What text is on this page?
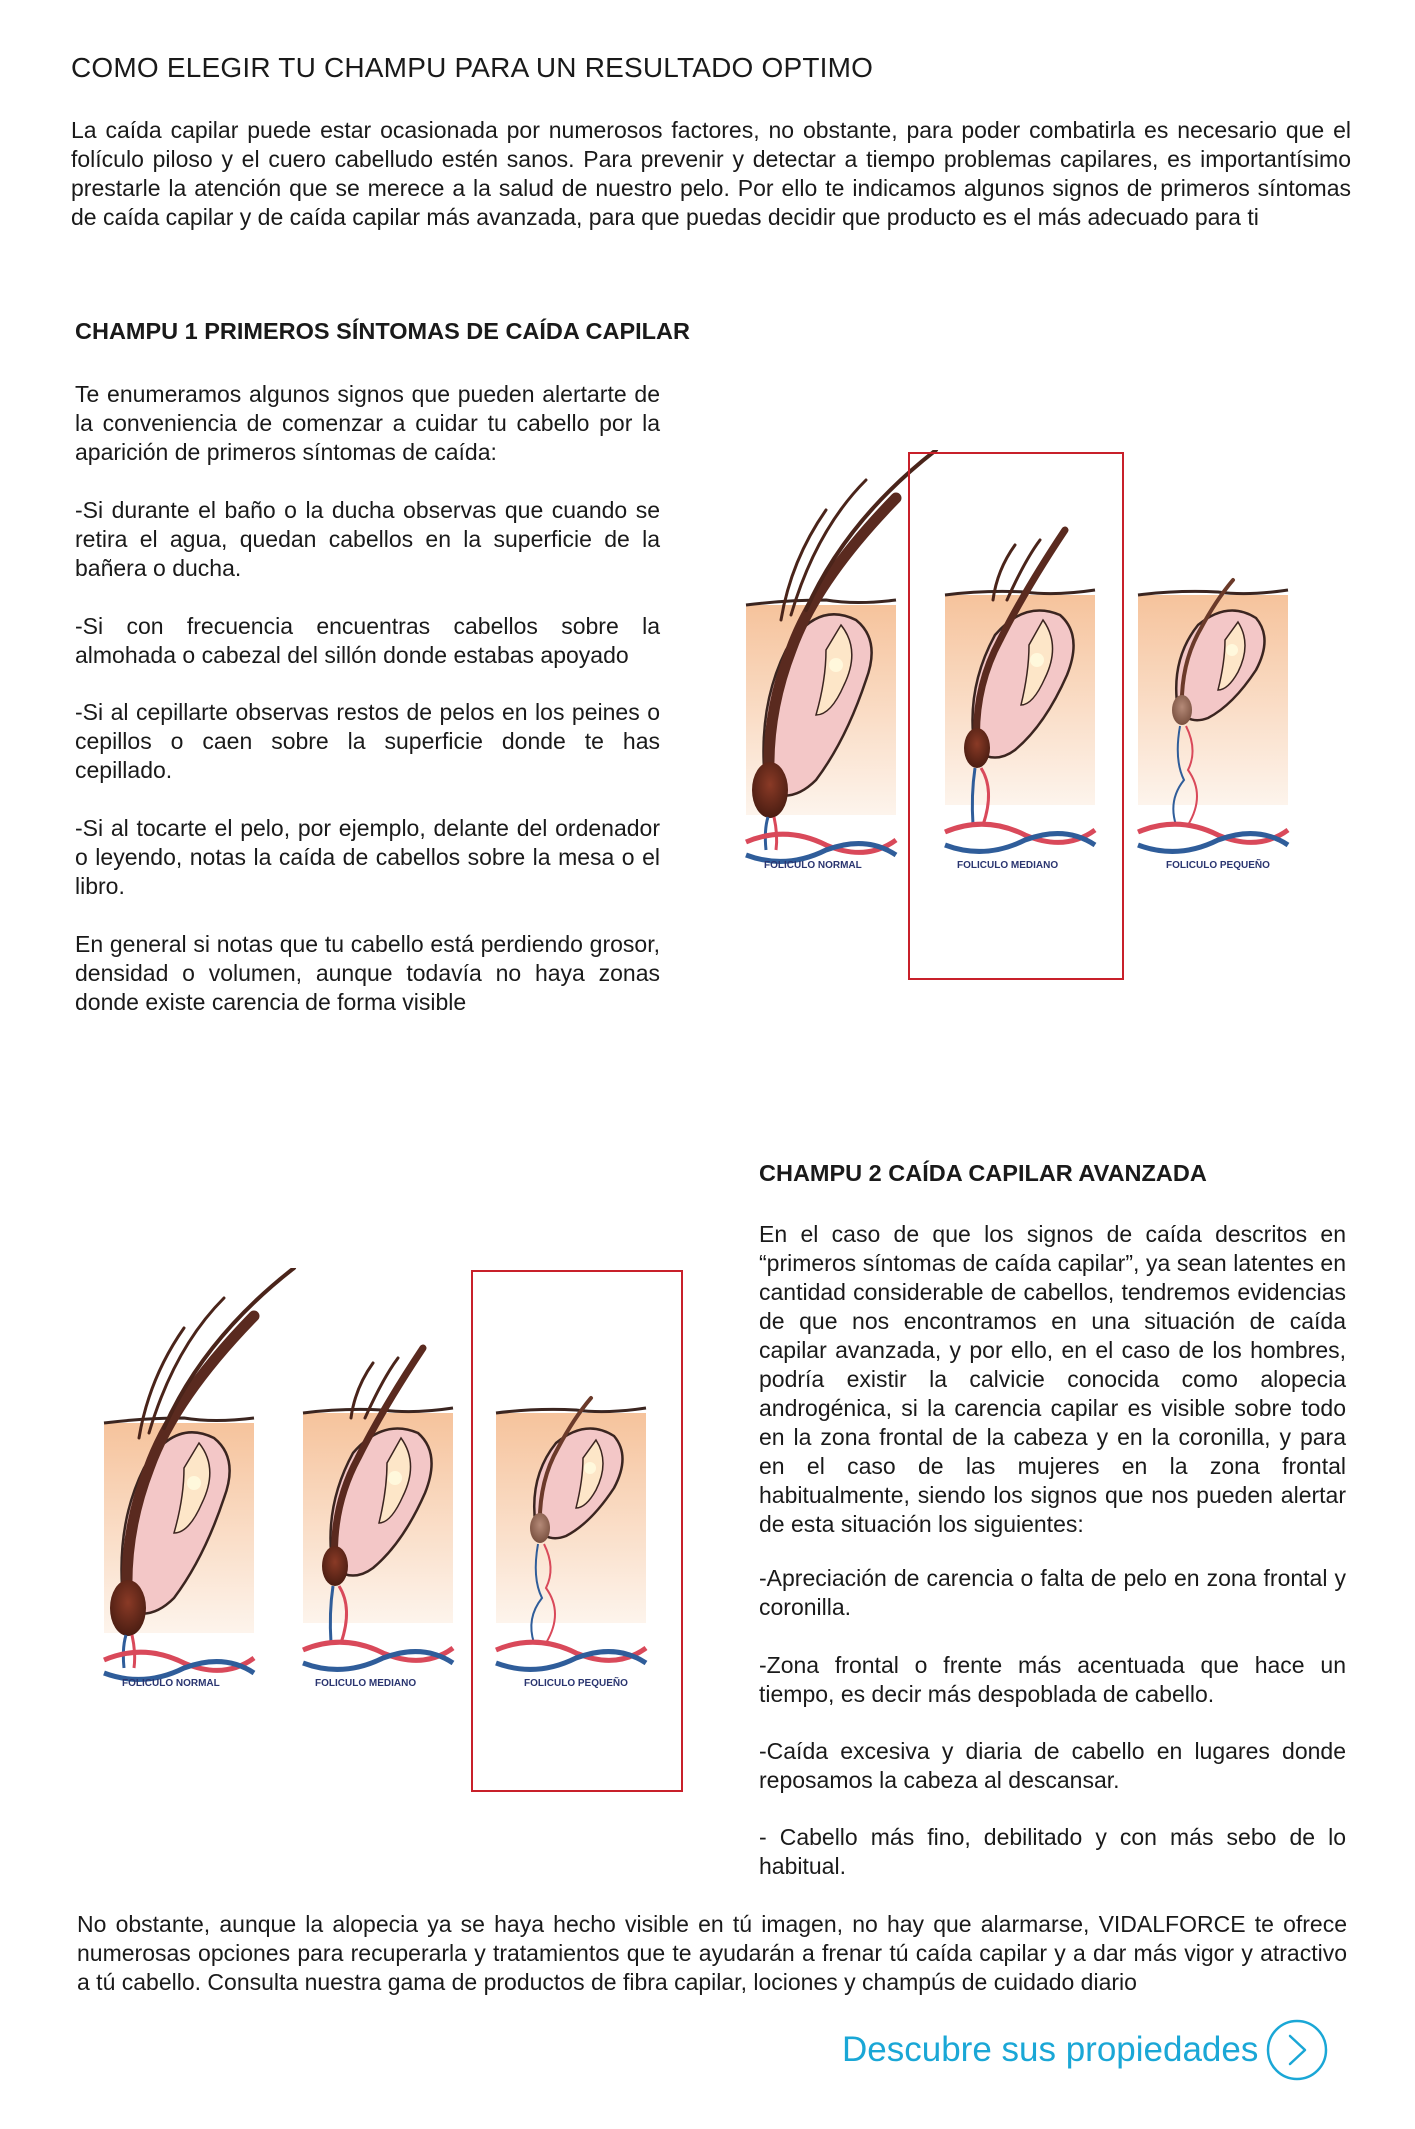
COMO ELEGIR TU CHAMPU PARA UN RESULTADO OPTIMO
La caída capilar puede estar ocasionada por numerosos factores, no obstante, para poder combatirla es necesario que el folículo piloso y el cuero cabelludo estén sanos. Para prevenir y detectar a tiempo problemas capilares, es importantísimo prestarle la atención que se merece a la salud de nuestro pelo. Por ello te indicamos algunos signos de primeros síntomas de caída capilar y de caída capilar más avanzada, para que puedas decidir que producto es el más adecuado para ti
CHAMPU 1 PRIMEROS SÍNTOMAS DE CAÍDA CAPILAR
Te enumeramos algunos signos que pueden alertarte de la conveniencia de comenzar a cuidar tu cabello por la aparición de primeros síntomas de caída:
-Si durante el baño o la ducha observas que cuando se retira el agua, quedan cabellos en la superficie de la bañera o ducha.
-Si con frecuencia encuentras cabellos sobre la almohada o cabezal del sillón donde estabas apoyado
-Si al cepillarte observas restos de pelos en los peines o cepillos o caen sobre la superficie donde te has cepillado.
-Si al tocarte el pelo, por ejemplo, delante del ordenador o leyendo, notas la caída de cabellos sobre la mesa o el libro.
En general si notas que tu cabello está perdiendo grosor, densidad o volumen, aunque todavía no haya zonas donde existe carencia de forma visible
FOLICULO NORMAL	FOLICULO MEDIANO	FOLICULO PEQUEÑO
CHAMPU 2 CAÍDA CAPILAR AVANZADA
En el caso de que los signos de caída descritos en “primeros síntomas de caída capilar”, ya sean latentes en cantidad considerable de cabellos, tendremos evidencias de que nos encontramos en una situación de caída capilar avanzada, y por ello, en el caso de los hombres, podría existir la calvicie conocida como alopecia androgénica, si la carencia capilar es visible sobre todo en la zona frontal de la cabeza y en la coronilla, y para en el caso de las mujeres en la zona frontal habitualmente, siendo los signos que nos pueden alertar de esta situación los siguientes:
-Apreciación de carencia o falta de pelo en zona frontal y coronilla.
-Zona frontal o frente más acentuada que hace un tiempo, es decir más despoblada de cabello.
-Caída excesiva y diaria de cabello en lugares donde reposamos la cabeza al descansar.
- Cabello más fino, debilitado y con más sebo de lo habitual.
FOLICULO NORMAL	FOLICULO MEDIANO	FOLICULO PEQUEÑO
No obstante, aunque la alopecia ya se haya hecho visible en tú imagen, no hay que alarmarse, VIDALFORCE te ofrece numerosas opciones para recuperarla y tratamientos que te ayudarán a frenar tú caída capilar y a dar más vigor y atractivo a tú cabello. Consulta nuestra gama de productos de fibra capilar, lociones y champús de cuidado diario
Descubre sus propiedades
